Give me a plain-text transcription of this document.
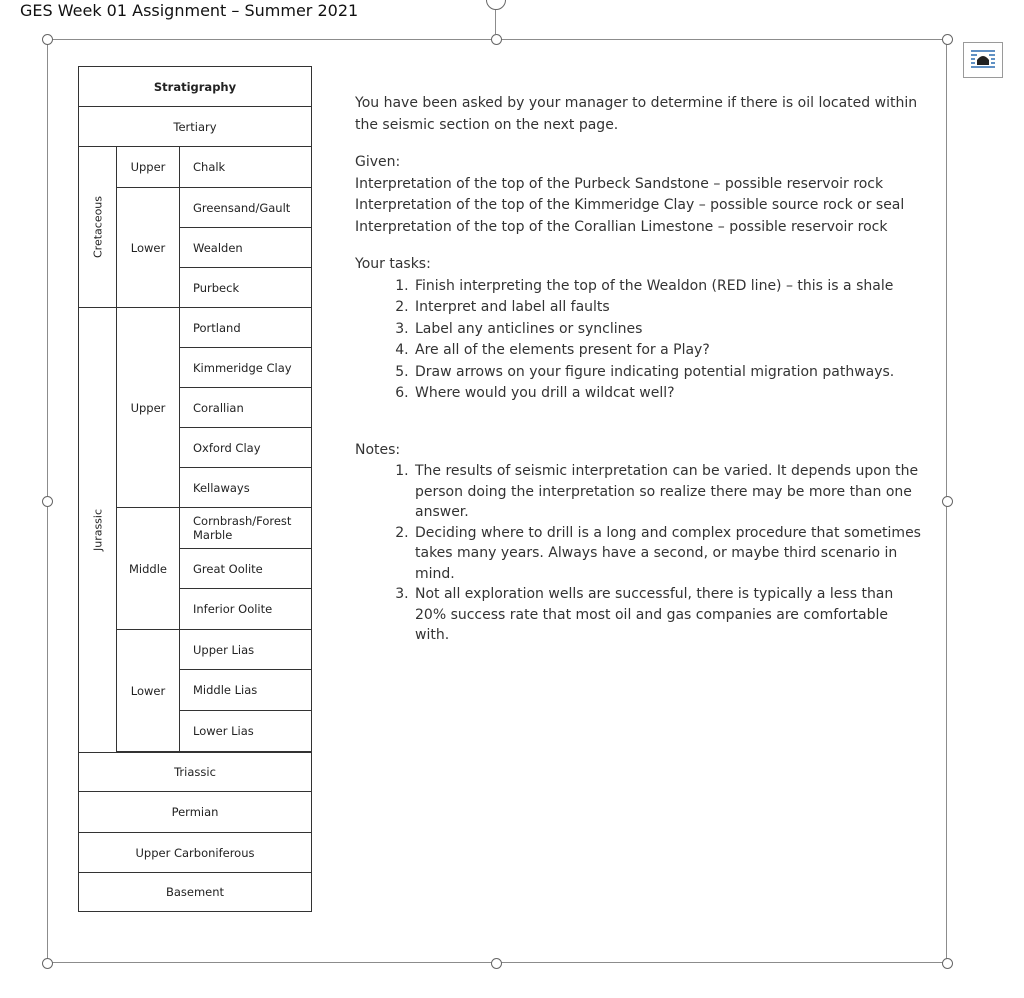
GES Week 01 Assignment – Summer 2021
Stratigraphy
Tertiary
Cretaceous
Jurassic
Upper
Lower
Upper
Middle
Lower
Chalk
Greensand/Gault
Wealden
Purbeck
Portland
Kimmeridge Clay
Corallian
Oxford Clay
Kellaways
Cornbrash/Forest Marble
Great Oolite
Inferior Oolite
Upper Lias
Middle Lias
Lower Lias
Triassic
Permian
Upper Carboniferous
Basement

You have been asked by your manager to determine if there is oil located within the seismic section on the next page.

Given:

Interpretation of the top of the Purbeck Sandstone – possible reservoir rock

Interpretation of the top of the Kimmeridge Clay – possible source rock or seal

Interpretation of the top of the Corallian Limestone – possible reservoir rock

Your tasks:

1. Finish interpreting the top of the Wealdon (RED line) – this is a shale
2. Interpret and label all faults
3. Label any anticlines or synclines
4. Are all of the elements present for a Play?
5. Draw arrows on your figure indicating potential migration pathways.
6. Where would you drill a wildcat well?

Notes:

1. The results of seismic interpretation can be varied. It depends upon the person doing the interpretation so realize there may be more than one answer.
2. Deciding where to drill is a long and complex procedure that sometimes takes many years. Always have a second, or maybe third scenario in mind.
3. Not all exploration wells are successful, there is typically a less than 20% success rate that most oil and gas companies are comfortable with.
